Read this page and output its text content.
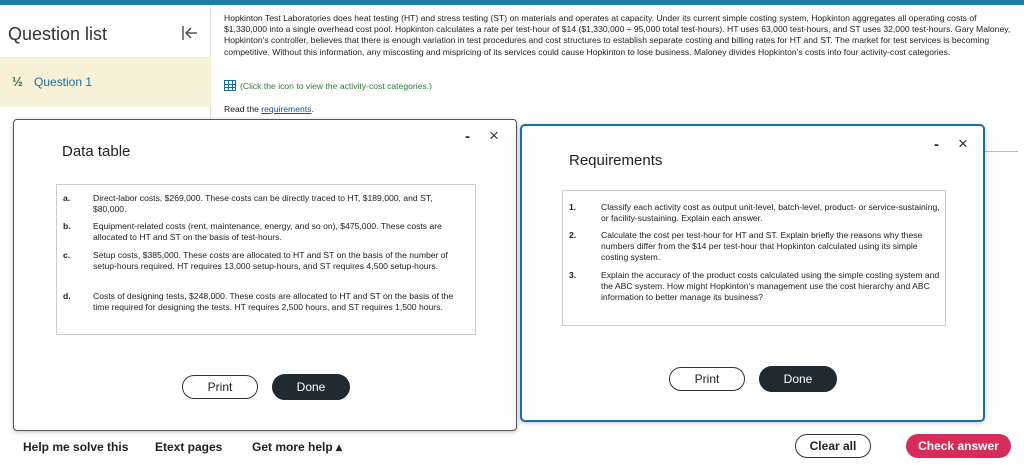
Question list
½ Question 1
Hopkinton Test Laboratories does heat testing (HT) and stress testing (ST) on materials and operates at capacity. Under its current simple costing system, Hopkinton aggregates all operating costs of $1,330,000 into a single overhead cost pool. Hopkinton calculates a rate per test-hour of $14 ($1,330,000 ÷ 95,000 total test-hours). HT uses 63,000 test-hours, and ST uses 32,000 test-hours. Gary Maloney, Hopkinton's controller, believes that there is enough variation in test procedures and cost structures to establish separate costing and billing rates for HT and ST. The market for test services is becoming competitive. Without this information, any miscosting and mispricing of its services could cause Hopkinton to lose business. Maloney divides Hopkinton's costs into four activity-cost categories.
(Click the icon to view the activity-cost categories.)
Read the requirements.
- ×
Data table
a.	Direct-labor costs, $269,000. These costs can be directly traced to HT, $189,000, and ST, $80,000.
b.	Equipment-related costs (rent, maintenance, energy, and so on), $475,000. These costs are allocated to HT and ST on the basis of test-hours.
c.	Setup costs, $385,000. These costs are allocated to HT and ST on the basis of the number of setup-hours required. HT requires 13,000 setup-hours, and ST requires 4,500 setup-hours.
d.	Costs of designing tests, $248,000. These costs are allocated to HT and ST on the basis of the time required for designing the tests. HT requires 2,500 hours, and ST requires 1,500 hours.
Print	Done
- ×
Requirements
1.	Classify each activity cost as output unit-level, batch-level, product- or service-sustaining, or facility-sustaining. Explain each answer.
2.	Calculate the cost per test-hour for HT and ST. Explain briefly the reasons why these numbers differ from the $14 per test-hour that Hopkinton calculated using its simple costing system.
3.	Explain the accuracy of the product costs calculated using the simple costing system and the ABC system. How might Hopkinton's management use the cost hierarchy and ABC information to better manage its business?
Print	Done
Help me solve this Etext pages Get more help ▴	Clear all	Check answer
